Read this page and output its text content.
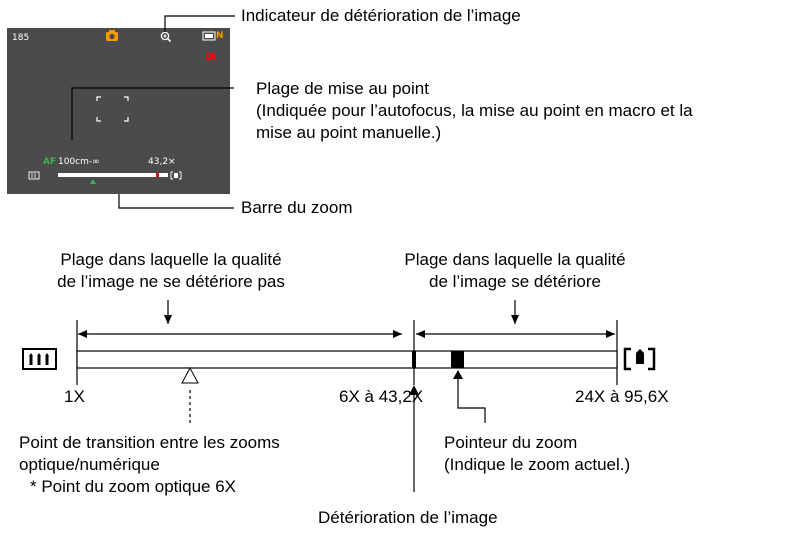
185	N
AF 100cm-∞	43,2×
Indicateur de détérioration de l’image
Plage de mise au point
(Indiquée pour l’autofocus, la mise au point en macro et la
mise au point manuelle.)
Barre du zoom
Plage dans laquelle la qualité
de l’image ne se détériore pas
Plage dans laquelle la qualité
de l’image se détériore
1X	6X à 43,2X	24X à 95,6X
Point de transition entre les zooms
optique/numérique
* Point du zoom optique 6X
Pointeur du zoom
(Indique le zoom actuel.)
Détérioration de l’image
